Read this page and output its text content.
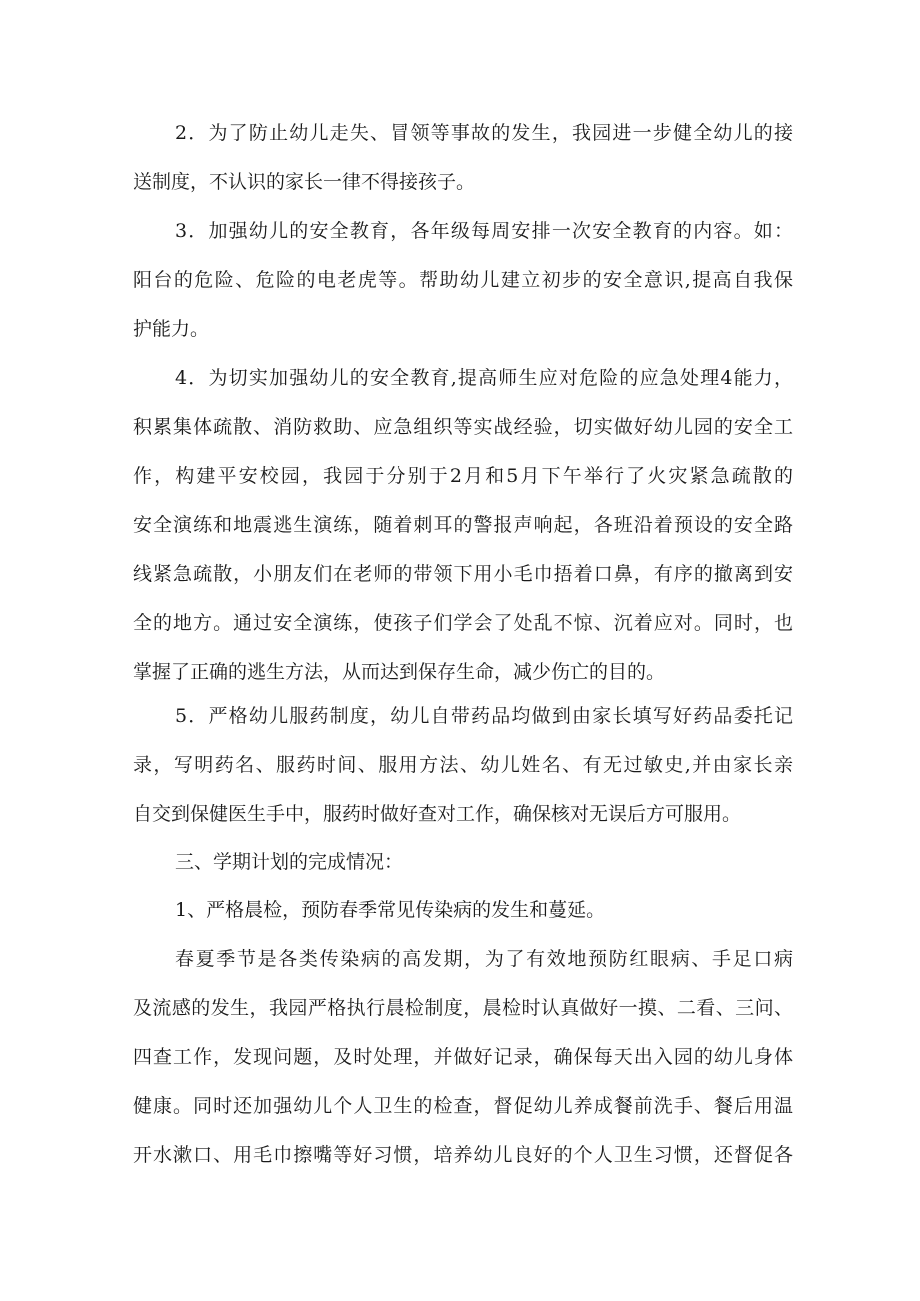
2．为了防止幼儿走失、冒领等事故的发生，我园进一步健全幼儿的接
送制度，不认识的家长一律不得接孩子。
3．加强幼儿的安全教育，各年级每周安排一次安全教育的内容。如：
阳台的危险、危险的电老虎等。帮助幼儿建立初步的安全意识,提高自我保
护能力。
4．为切实加强幼儿的安全教育,提高师生应对危险的应急处理4能力，
积累集体疏散、消防救助、应急组织等实战经验，切实做好幼儿园的安全工
作，构建平安校园，我园于分别于2月和5月下午举行了火灾紧急疏散的
安全演练和地震逃生演练，随着刺耳的警报声响起，各班沿着预设的安全路
线紧急疏散，小朋友们在老师的带领下用小毛巾捂着口鼻，有序的撤离到安
全的地方。通过安全演练，使孩子们学会了处乱不惊、沉着应对。同时，也
掌握了正确的逃生方法，从而达到保存生命，减少伤亡的目的。
5．严格幼儿服药制度，幼儿自带药品均做到由家长填写好药品委托记
录，写明药名、服药时间、服用方法、幼儿姓名、有无过敏史,并由家长亲
自交到保健医生手中，服药时做好查对工作，确保核对无误后方可服用。
三、学期计划的完成情况：
1、严格晨检，预防春季常见传染病的发生和蔓延。
春夏季节是各类传染病的高发期，为了有效地预防红眼病、手足口病
及流感的发生，我园严格执行晨检制度，晨检时认真做好一摸、二看、三问、
四查工作，发现问题，及时处理，并做好记录，确保每天出入园的幼儿身体
健康。同时还加强幼儿个人卫生的检查，督促幼儿养成餐前洗手、餐后用温
开水漱口、用毛巾擦嘴等好习惯，培养幼儿良好的个人卫生习惯，还督促各
